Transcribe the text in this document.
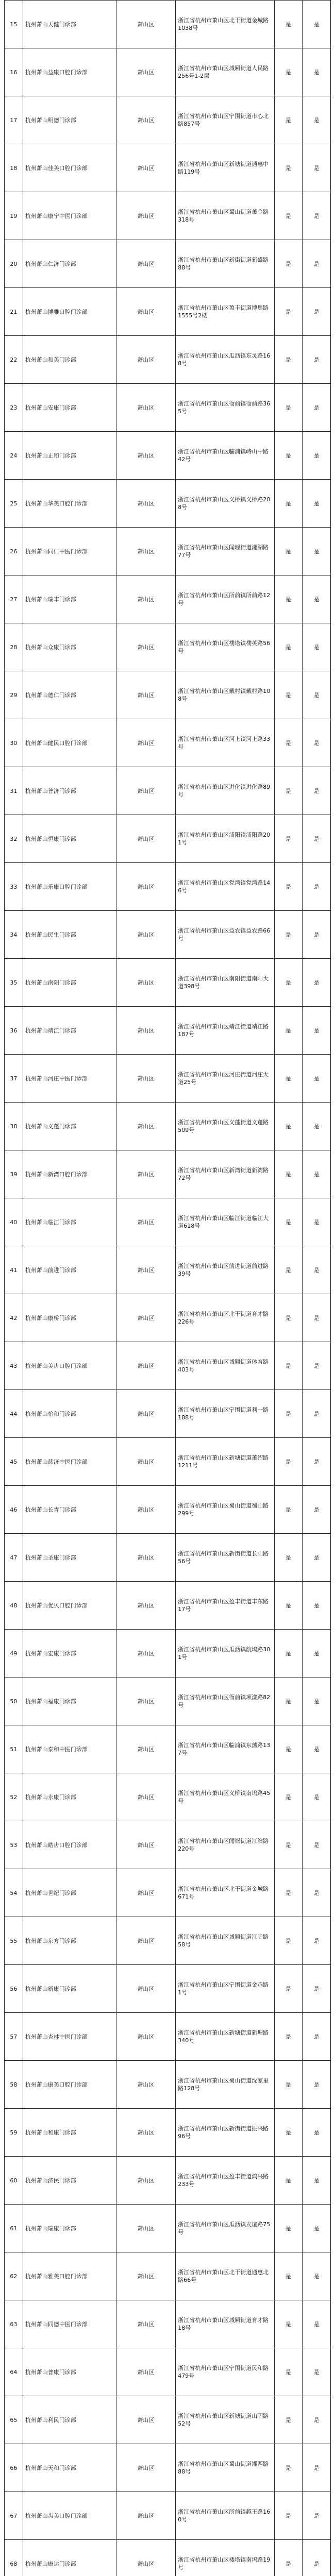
15	杭州萧山天健门诊部	萧山区	浙江省杭州市萧山区北干街道金城路1038号	是	是
16	杭州萧山益康口腔门诊部	萧山区	浙江省杭州市萧山区城厢街道人民路256号1-2层	是	是
17	杭州萧山明德门诊部	萧山区	浙江省杭州市萧山区宁围街道市心北路857号	是	是
18	杭州萧山佳美口腔门诊部	萧山区	浙江省杭州市萧山区新塘街道通惠中路119号	是	是
19	杭州萧山康宁中医门诊部	萧山区	浙江省杭州市萧山区蜀山街道萧金路318号	是	是
20	杭州萧山仁济门诊部	萧山区	浙江省杭州市萧山区新街街道新盛路88号	是	是
21	杭州萧山博雅口腔门诊部	萧山区	浙江省杭州市萧山区盈丰街道博奥路1555号2楼	是	是
22	杭州萧山和美门诊部	萧山区	浙江省杭州市萧山区瓜沥镇东灵路168号	是	是
23	杭州萧山安康门诊部	萧山区	浙江省杭州市萧山区衙前镇衙前路365号	是	是
24	杭州萧山正和门诊部	萧山区	浙江省杭州市萧山区临浦镇峙山中路42号	是	是
25	杭州萧山华美口腔门诊部	萧山区	浙江省杭州市萧山区义桥镇义桥路208号	是	是
26	杭州萧山同仁中医门诊部	萧山区	浙江省杭州市萧山区闻堰街道湘湖路77号	是	是
27	杭州萧山瑞丰门诊部	萧山区	浙江省杭州市萧山区所前镇所前路12号	是	是
28	杭州萧山众康门诊部	萧山区	浙江省杭州市萧山区楼塔镇楼英路56号	是	是
29	杭州萧山德仁门诊部	萧山区	浙江省杭州市萧山区戴村镇戴村路108号	是	是
30	杭州萧山健民口腔门诊部	萧山区	浙江省杭州市萧山区河上镇河上路33号	是	是
31	杭州萧山普济门诊部	萧山区	浙江省杭州市萧山区进化镇进化路89号	是	是
32	杭州萧山恒康门诊部	萧山区	浙江省杭州市萧山区浦阳镇浦阳路201号	是	是
33	杭州萧山乐康口腔门诊部	萧山区	浙江省杭州市萧山区党湾镇党湾路146号	是	是
34	杭州萧山民生门诊部	萧山区	浙江省杭州市萧山区益农镇益农路66号	是	是
35	杭州萧山南阳门诊部	萧山区	浙江省杭州市萧山区南阳街道南阳大道398号	是	是
36	杭州萧山靖江门诊部	萧山区	浙江省杭州市萧山区靖江街道靖江路187号	是	是
37	杭州萧山河庄中医门诊部	萧山区	浙江省杭州市萧山区河庄街道河庄大道25号	是	是
38	杭州萧山义蓬门诊部	萧山区	浙江省杭州市萧山区义蓬街道义蓬路509号	是	是
39	杭州萧山新湾口腔门诊部	萧山区	浙江省杭州市萧山区新湾街道新湾路72号	是	是
40	杭州萧山临江门诊部	萧山区	浙江省杭州市萧山区临江街道临江大道618号	是	是
41	杭州萧山前进门诊部	萧山区	浙江省杭州市萧山区前进街道前进路39号	是	是
42	杭州萧山康桥门诊部	萧山区	浙江省杭州市萧山区北干街道育才路226号	是	是
43	杭州萧山美齿口腔门诊部	萧山区	浙江省杭州市萧山区城厢街道体育路403号	是	是
44	杭州萧山怡和门诊部	萧山区	浙江省杭州市萧山区宁围街道利一路188号	是	是
45	杭州萧山慈济中医门诊部	萧山区	浙江省杭州市萧山区新塘街道萧绍路1211号	是	是
46	杭州萧山长青门诊部	萧山区	浙江省杭州市萧山区蜀山街道蜀山路299号	是	是
47	杭州萧山圣康门诊部	萧山区	浙江省杭州市萧山区新街街道长山路56号	是	是
48	杭州萧山优贝口腔门诊部	萧山区	浙江省杭州市萧山区盈丰街道丰东路17号	是	是
49	杭州萧山宏康门诊部	萧山区	浙江省杭州市萧山区瓜沥镇航坞路301号	是	是
50	杭州萧山福康门诊部	萧山区	浙江省杭州市萧山区衙前镇项漾路82号	是	是
51	杭州萧山泰和中医门诊部	萧山区	浙江省杭州市萧山区临浦镇东藩路137号	是	是
52	杭州萧山永康门诊部	萧山区	浙江省杭州市萧山区义桥镇南坞路45号	是	是
53	杭州萧山皓齿口腔门诊部	萧山区	浙江省杭州市萧山区闻堰街道江滨路220号	是	是
54	杭州萧山世纪门诊部	萧山区	浙江省杭州市萧山区北干街道金城路671号	是	是
55	杭州萧山东方门诊部	萧山区	浙江省杭州市萧山区城厢街道江寺路58号	是	是
56	杭州萧山新康门诊部	萧山区	浙江省杭州市萧山区宁围街道金鸡路1号	是	是
57	杭州萧山杏林中医门诊部	萧山区	浙江省杭州市萧山区新塘街道新塘路340号	是	是
58	杭州萧山康美口腔门诊部	萧山区	浙江省杭州市萧山区蜀山街道沈家里路128号	是	是
59	杭州萧山和康门诊部	萧山区	浙江省杭州市萧山区新街街道振兴路96号	是	是
60	杭州萧山济民门诊部	萧山区	浙江省杭州市萧山区盈丰街道鸿兴路233号	是	是
61	杭州萧山瑞康门诊部	萧山区	浙江省杭州市萧山区瓜沥镇友谊路75号	是	是
62	杭州萧山雅美口腔门诊部	萧山区	浙江省杭州市萧山区北干街道通惠北路66号	是	是
63	杭州萧山同德中医门诊部	萧山区	浙江省杭州市萧山区城厢街道育才路18号	是	是
64	杭州萧山普康门诊部	萧山区	浙江省杭州市萧山区宁围街道民和路479号	是	是
65	杭州萧山利民门诊部	萧山区	浙江省杭州市萧山区新塘街道山阴路52号	是	是
66	杭州萧山天和门诊部	萧山区	浙江省杭州市萧山区蜀山街道湘西路88号	是	是
67	杭州萧山齿美口腔门诊部	萧山区	浙江省杭州市萧山区所前镇越王路160号	是	是
68	杭州萧山康达门诊部	萧山区	浙江省杭州市萧山区楼塔镇南坞路19号	是	是
